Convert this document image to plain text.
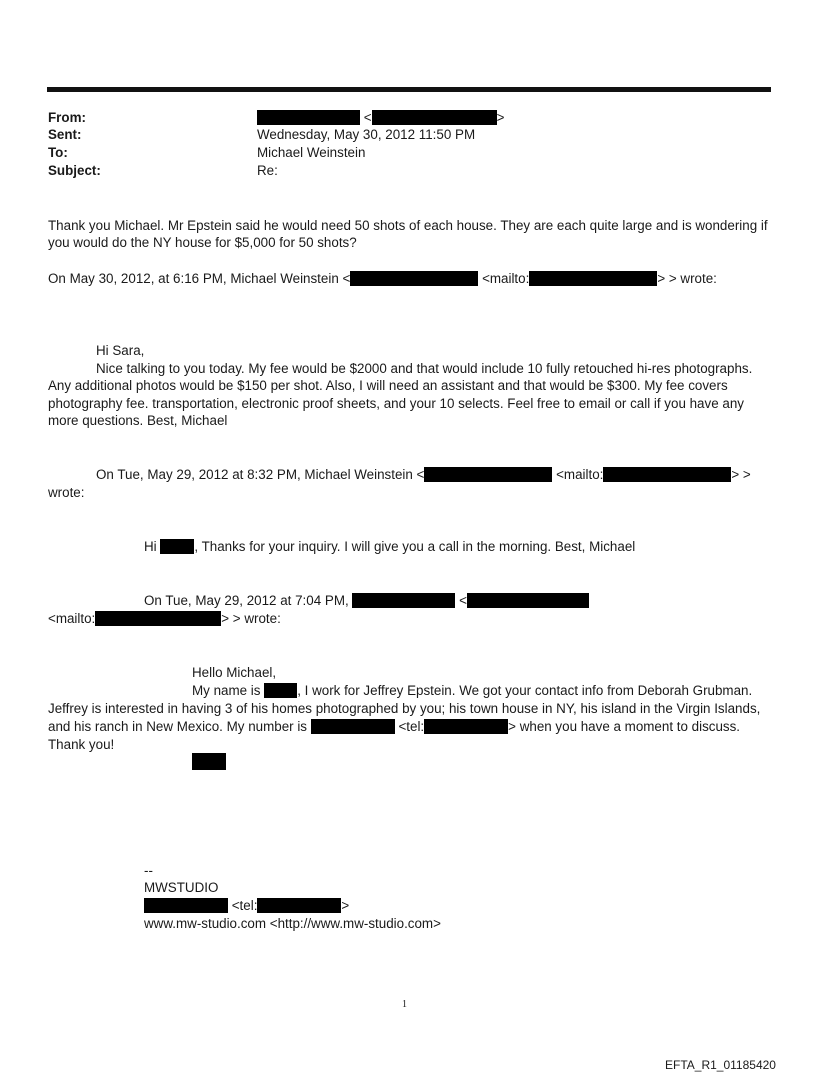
From:	<	>
Sent:	Wednesday, May 30, 2012 11:50 PM
To:	Michael Weinstein
Subject:	Re:
Thank you Michael. Mr Epstein said he would need 50 shots of each house. They are each quite large and is wondering if
you would do the NY house for $5,000 for 50 shots?
On May 30, 2012, at 6:16 PM, Michael Weinstein <	<mailto:	> > wrote:
Hi Sara,
Nice talking to you today. My fee would be $2000 and that would include 10 fully retouched hi-res photographs.
Any additional photos would be $150 per shot. Also, I will need an assistant and that would be $300. My fee covers
photography fee. transportation, electronic proof sheets, and your 10 selects. Feel free to email or call if you have any
more questions. Best, Michael
On Tue, May 29, 2012 at 8:32 PM, Michael Weinstein <	<mailto:	> >
wrote:
Hi	, Thanks for your inquiry. I will give you a call in the morning. Best, Michael
On Tue, May 29, 2012 at 7:04 PM,	<
<mailto:	> > wrote:
Hello Michael,
My name is	, I work for Jeffrey Epstein. We got your contact info from Deborah Grubman.
Jeffrey is interested in having 3 of his homes photographed by you; his town house in NY, his island in the Virgin Islands,
and his ranch in New Mexico. My number is	<tel:	> when you have a moment to discuss.
Thank you!
--
MWSTUDIO
<tel:	>
www.mw-studio.com <http://www.mw-studio.com>
1
EFTA_R1_01185420
